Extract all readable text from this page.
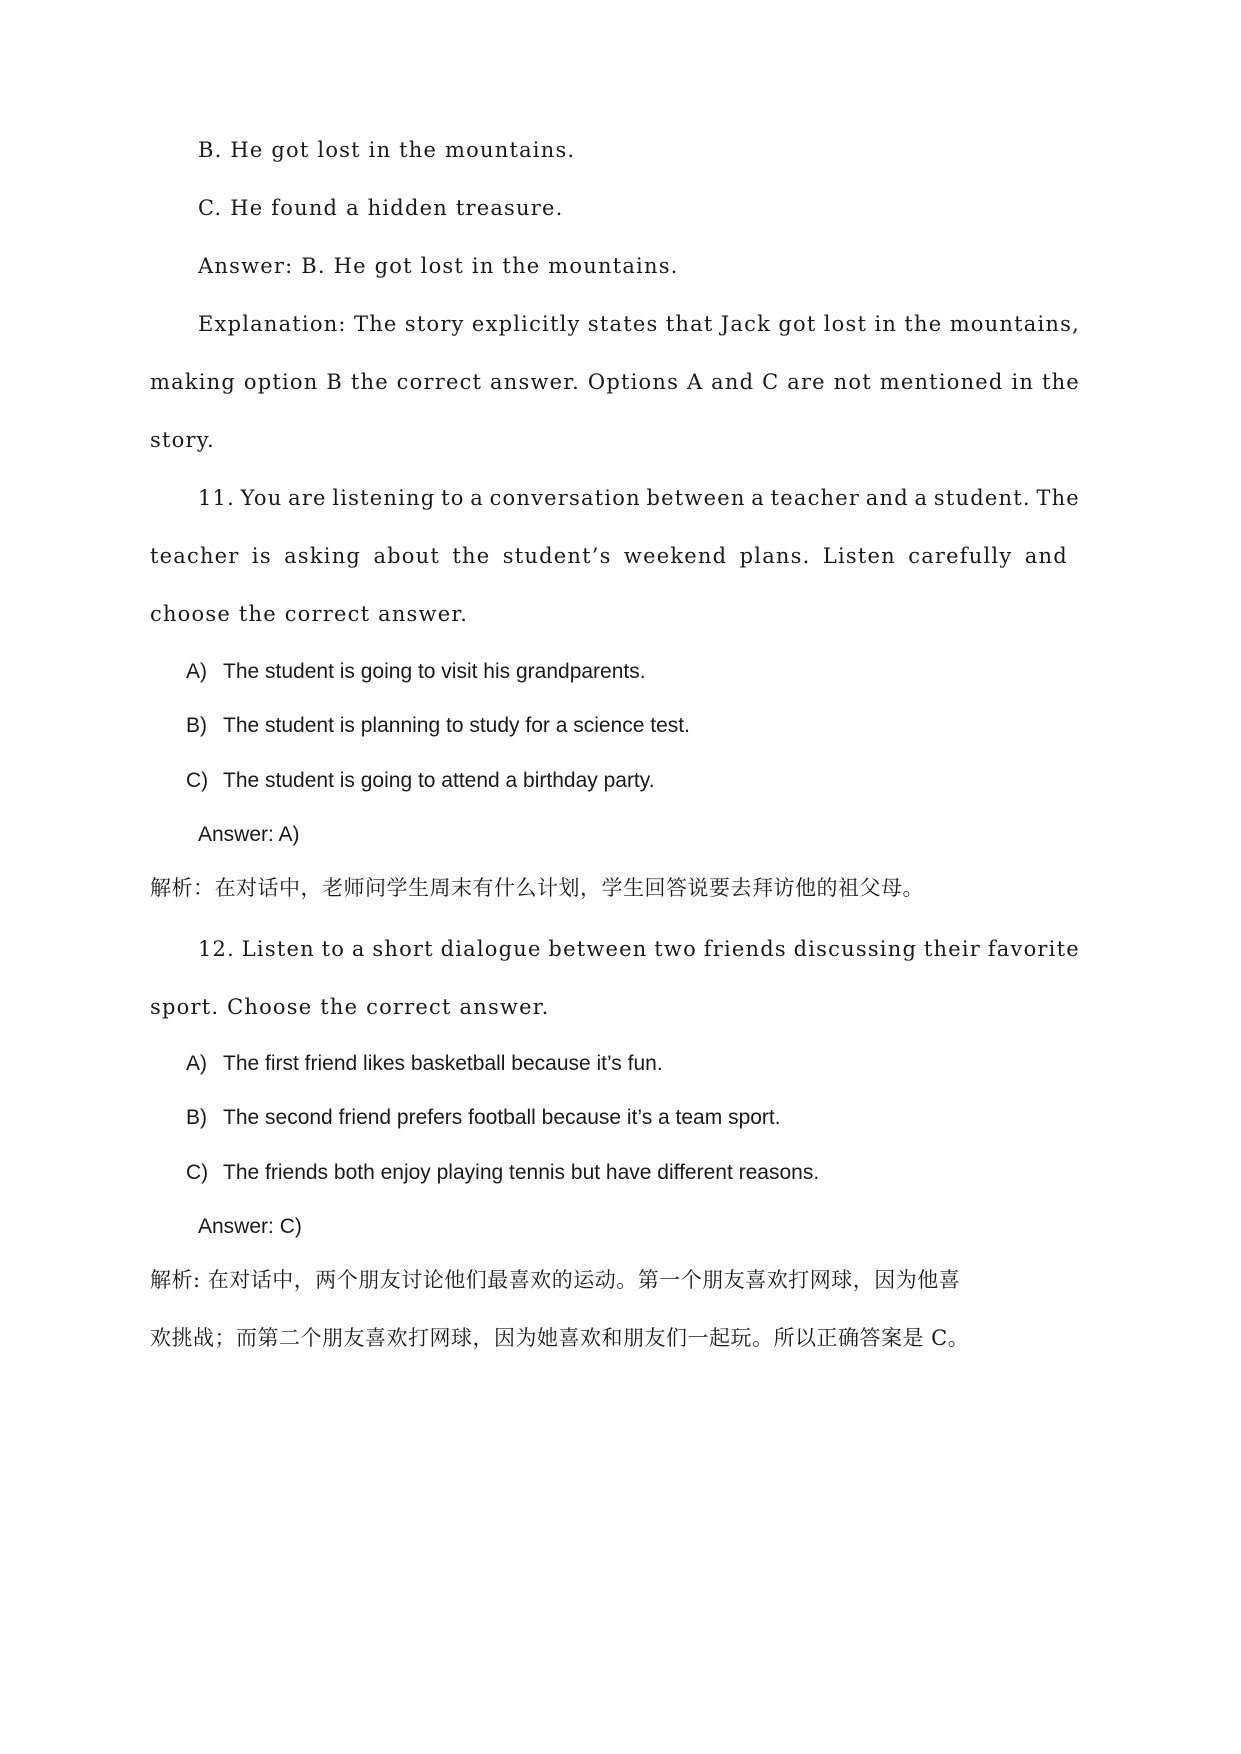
B. He got lost in the mountains.
C. He found a hidden treasure.
Answer: B. He got lost in the mountains.
Explanation: The story explicitly states that Jack got lost in the mountains,
making option B the correct answer. Options A and C are not mentioned in the
story.
11. You are listening to a conversation between a teacher and a student. The
teacher is asking about the student’s weekend plans. Listen carefully and
choose the correct answer.
A) The student is going to visit his grandparents.
B) The student is planning to study for a science test.
C) The student is going to attend a birthday party.
Answer: A)
解析：在对话中，老师问学生周末有什么计划，学生回答说要去拜访他的祖父母。
12. Listen to a short dialogue between two friends discussing their favorite
sport. Choose the correct answer.
A) The first friend likes basketball because it’s fun.
B) The second friend prefers football because it’s a team sport.
C) The friends both enjoy playing tennis but have different reasons.
Answer: C)
解析: 在对话中，两个朋友讨论他们最喜欢的运动。第一个朋友喜欢打网球，因为他喜
欢挑战；而第二个朋友喜欢打网球，因为她喜欢和朋友们一起玩。所以正确答案是 C。
